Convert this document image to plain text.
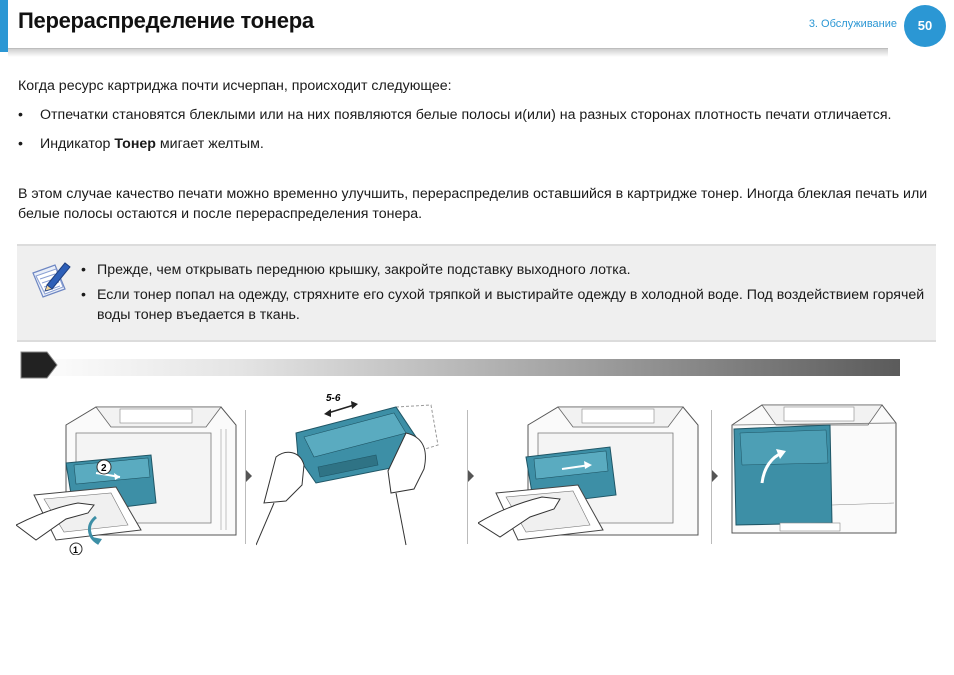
Перераспределение тонера	3. Обслуживание	50
Когда ресурс картриджа почти исчерпан, происходит следующее:
• Отпечатки становятся блеклыми или на них появляются белые полосы и(или) на разных сторонах плотность печати отличается.
• Индикатор Тонер мигает желтым.
В этом случае качество печати можно временно улучшить, перераспределив оставшийся в картридже тонер. Иногда блеклая печать или белые полосы остаются и после перераспределения тонера.
• Прежде, чем открывать переднюю крышку, закройте подставку выходного лотка.
• Если тонер попал на одежду, стряхните его сухой тряпкой и выстирайте одежду в холодной воде. Под воздействием горячей воды тонер въедается в ткань.
2
1
5-6
